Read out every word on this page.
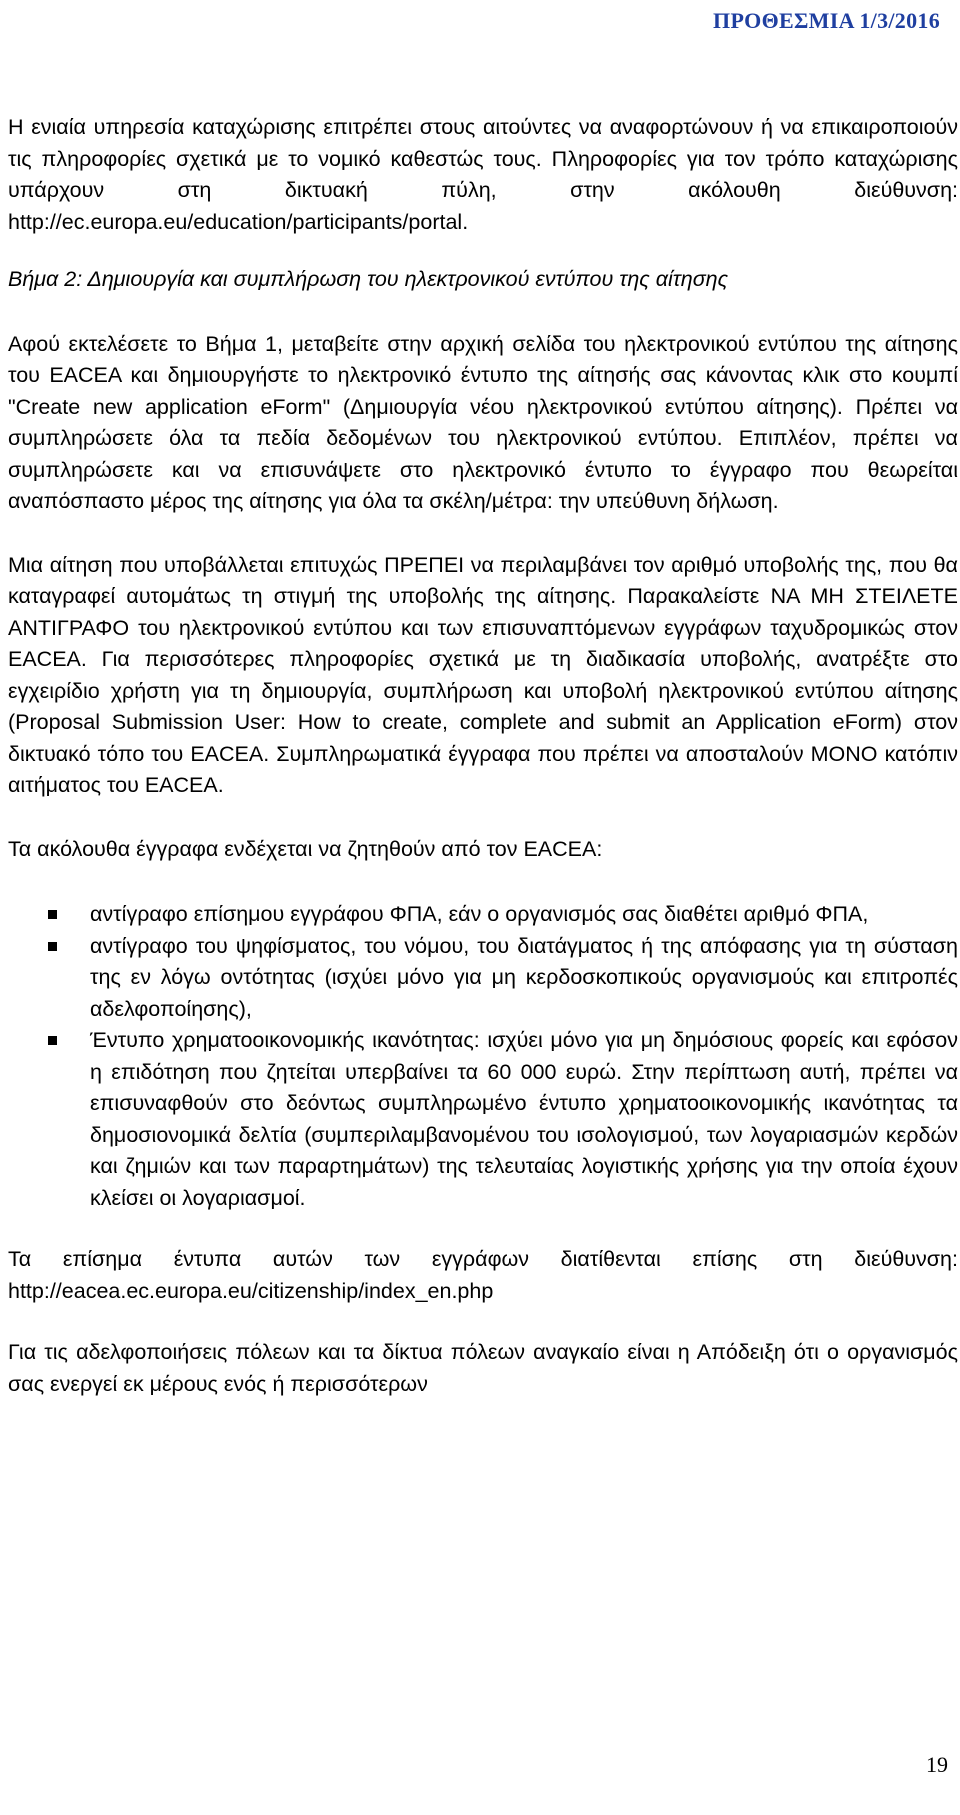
ΠΡΟΘΕΣΜΙΑ 1/3/2016

Η ενιαία υπηρεσία καταχώρισης επιτρέπει στους αιτούντες να αναφορτώνουν ή να επικαιροποιούν τις πληροφορίες σχετικά με το νομικό καθεστώς τους. Πληροφορίες για τον τρόπο καταχώρισης υπάρχουν στη δικτυακή πύλη, στην ακόλουθη διεύθυνση: http://ec.europa.eu/education/participants/portal.

Βήμα 2: Δημιουργία και συμπλήρωση του ηλεκτρονικού εντύπου της αίτησης

Αφού εκτελέσετε το Βήμα 1, μεταβείτε στην αρχική σελίδα του ηλεκτρονικού εντύπου της αίτησης του EACEA και δημιουργήστε το ηλεκτρονικό έντυπο της αίτησής σας κάνοντας κλικ στο κουμπί "Create new application eForm" (Δημιουργία νέου ηλεκτρονικού εντύπου αίτησης). Πρέπει να συμπληρώσετε όλα τα πεδία δεδομένων του ηλεκτρονικού εντύπου. Επιπλέον, πρέπει να συμπληρώσετε και να επισυνάψετε στο ηλεκτρονικό έντυπο το έγγραφο που θεωρείται αναπόσπαστο μέρος της αίτησης για όλα τα σκέλη/μέτρα: την υπεύθυνη δήλωση.

Μια αίτηση που υποβάλλεται επιτυχώς ΠΡΕΠΕΙ να περιλαμβάνει τον αριθμό υποβολής της, που θα καταγραφεί αυτομάτως τη στιγμή της υποβολής της αίτησης. Παρακαλείστε ΝΑ ΜΗ ΣΤΕΙΛΕΤΕ ΑΝΤΙΓΡΑΦΟ του ηλεκτρονικού εντύπου και των επισυναπτόμενων εγγράφων ταχυδρομικώς στον EACEA. Για περισσότερες πληροφορίες σχετικά με τη διαδικασία υποβολής, ανατρέξτε στο εγχειρίδιο χρήστη για τη δημιουργία, συμπλήρωση και υποβολή ηλεκτρονικού εντύπου αίτησης (Proposal Submission User: How to create, complete and submit an Application eForm) στον δικτυακό τόπο του EACEA. Συμπληρωματικά έγγραφα που πρέπει να αποσταλούν ΜΟΝΟ κατόπιν αιτήματος του EACEA.

Τα ακόλουθα έγγραφα ενδέχεται να ζητηθούν από τον EACEA:

αντίγραφο επίσημου εγγράφου ΦΠΑ, εάν ο οργανισμός σας διαθέτει αριθμό ΦΠΑ,
αντίγραφο του ψηφίσματος, του νόμου, του διατάγματος ή της απόφασης για τη σύσταση της εν λόγω οντότητας (ισχύει μόνο για μη κερδοσκοπικούς οργανισμούς και επιτροπές αδελφοποίησης),
Έντυπο χρηματοοικονομικής ικανότητας: ισχύει μόνο για μη δημόσιους φορείς και εφόσον η επιδότηση που ζητείται υπερβαίνει τα 60 000 ευρώ. Στην περίπτωση αυτή, πρέπει να επισυναφθούν στο δεόντως συμπληρωμένο έντυπο χρηματοοικονομικής ικανότητας τα δημοσιονομικά δελτία (συμπεριλαμβανομένου του ισολογισμού, των λογαριασμών κερδών και ζημιών και των παραρτημάτων) της τελευταίας λογιστικής χρήσης για την οποία έχουν κλείσει οι λογαριασμοί.

Τα επίσημα έντυπα αυτών των εγγράφων διατίθενται επίσης στη διεύθυνση: http://eacea.ec.europa.eu/citizenship/index_en.php

Για τις αδελφοποιήσεις πόλεων και τα δίκτυα πόλεων αναγκαίο είναι η Απόδειξη ότι ο οργανισμός σας ενεργεί εκ μέρους ενός ή περισσότερων

19
